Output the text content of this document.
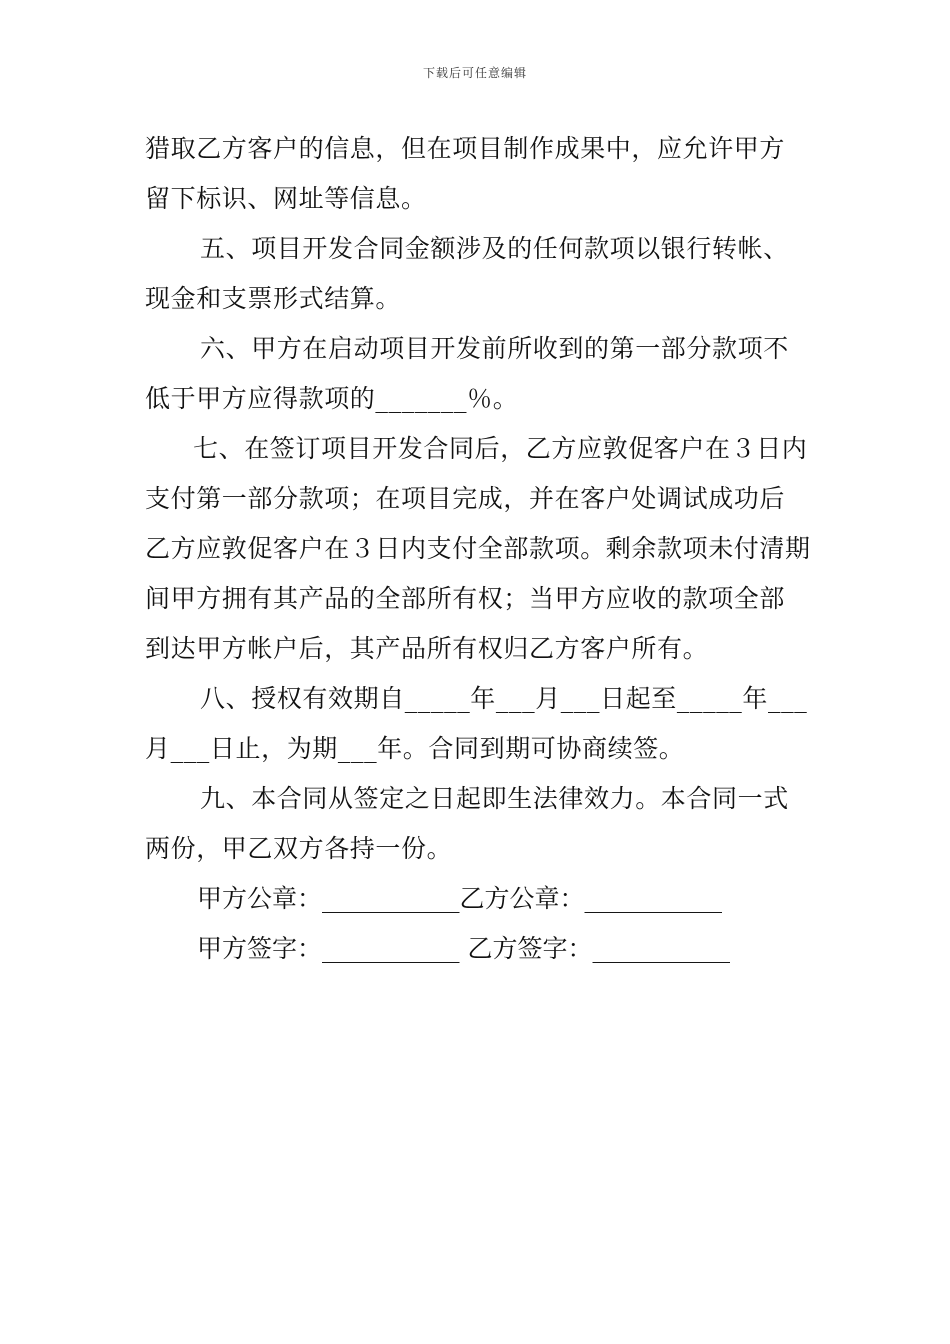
下载后可任意编辑

猎取乙方客户的信息，但在项目制作成果中，应允许甲方
留下标识、网址等信息。

五、项目开发合同金额涉及的任何款项以银行转帐、
现金和支票形式结算。

六、甲方在启动项目开发前所收到的第一部分款项不
低于甲方应得款项的_______％。

七、在签订项目开发合同后，乙方应敦促客户在３日内
支付第一部分款项；在项目完成，并在客户处调试成功后
乙方应敦促客户在３日内支付全部款项。剩余款项未付清期
间甲方拥有其产品的全部所有权；当甲方应收的款项全部
到达甲方帐户后，其产品所有权归乙方客户所有。

八、授权有效期自_____年___月___日起至_____年___
月___日止，为期___年。合同到期可协商续签。

九、本合同从签定之日起即生法律效力。本合同一式
两份，甲乙双方各持一份。

甲方公章：___________乙方公章：___________
甲方签字：___________ 乙方签字：___________
